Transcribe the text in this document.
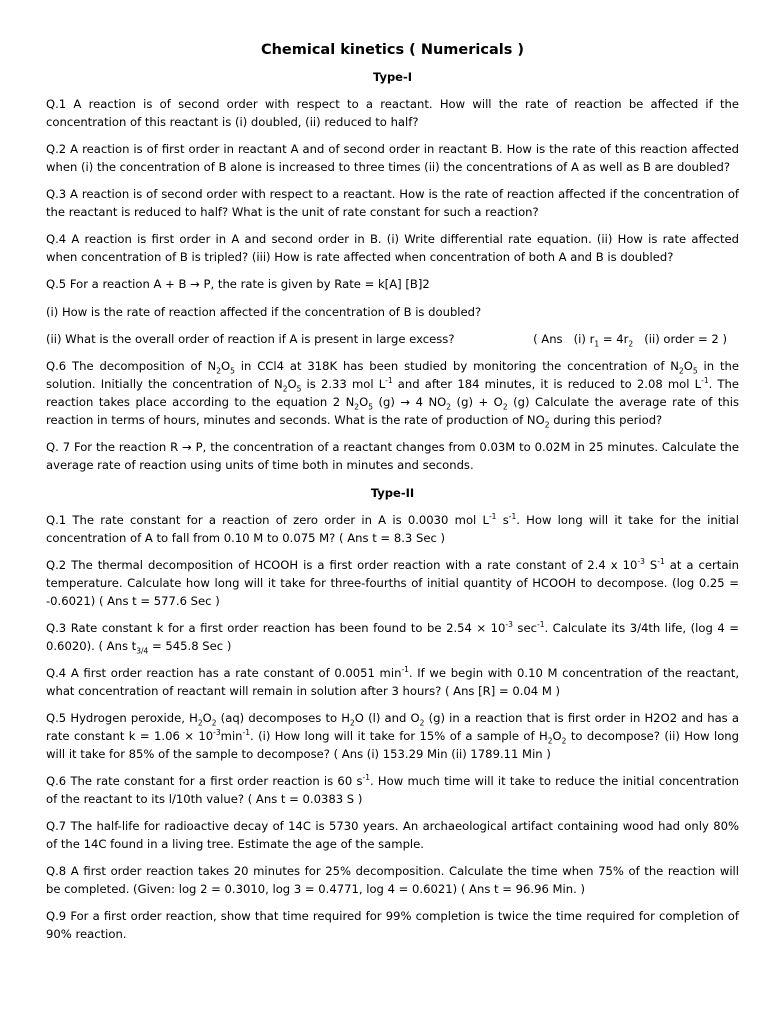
Chemical kinetics ( Numericals )
Type-I

Q.1 A reaction is of second order with respect to a reactant. How will the rate of reaction be affected if the concentration of this reactant is (i) doubled, (ii) reduced to half?

Q.2 A reaction is of first order in reactant A and of second order in reactant B. How is the rate of this reaction affected when (i) the concentration of B alone is increased to three times (ii) the concentrations of A as well as B are doubled?

Q.3 A reaction is of second order with respect to a reactant. How is the rate of reaction affected if the concentration of the reactant is reduced to half? What is the unit of rate constant for such a reaction?

Q.4 A reaction is first order in A and second order in B. (i) Write differential rate equation. (ii) How is rate affected when concentration of B is tripled? (iii) How is rate affected when concentration of both A and B is doubled?

Q.5 For a reaction A + B → P, the rate is given by Rate = k[A] [B]2

(i) How is the rate of reaction affected if the concentration of B is doubled?

(ii) What is the overall order of reaction if A is present in large excess?	( Ans   (i) $r_1 = 4r_2$   (ii) order = 2 )

Q.6 The decomposition of $N_2O_5$ in CCl4 at 318K has been studied by monitoring the concentration of $N_2O_5$ in the solution. Initially the concentration of $N_2O_5$ is 2.33 mol $L^{-1}$ and after 184 minutes, it is reduced to 2.08 mol $L^{-1}$. The reaction takes place according to the equation 2 $N_2O_5$ (g) → 4 $NO_2$ $(g) + O_2$ (g) Calculate the average rate of this reaction in terms of hours, minutes and seconds. What is the rate of production of $NO_2$ during this period?

Q. 7 For the reaction R → P, the concentration of a reactant changes from 0.03M to 0.02M in 25 minutes. Calculate the average rate of reaction using units of time both in minutes and seconds.

Type-II

Q.1 The rate constant for a reaction of zero order in A is 0.0030 mol $L^{-1}$ $s^{-1}$. How long will it take for the initial concentration of A to fall from 0.10 M to 0.075 M? ( Ans t = 8.3 Sec )

Q.2 The thermal decomposition of HCOOH is a first order reaction with a rate constant of 2.4 x $10^{-3}$ $S^{-1}$ at a certain temperature. Calculate how long will it take for three-fourths of initial quantity of HCOOH to decompose. (log 0.25 = -0.6021) ( Ans t = 577.6 Sec )

Q.3 Rate constant k for a first order reaction has been found to be $2.54 \times 10^{-3}$ $\sec^{-1}$. Calculate its 3/4th life, (log 4 = 0.6020). ( Ans $t_{3/4} = 545.8$ Sec )

Q.4 A first order reaction has a rate constant of 0.0051 $\min^{-1}$. If we begin with 0.10 M concentration of the reactant, what concentration of reactant will remain in solution after 3 hours? ( Ans [R] = 0.04 M )

Q.5 Hydrogen peroxide, $H_2O_2$ (aq) decomposes to $H_2O$ (l) and $O_2$ (g) in a reaction that is first order in H2O2 and has a rate constant $k = 1.06 \times 10^{-3}\min^{-1}$. (i) How long will it take for 15% of a sample of $H_2O_2$ to decompose? (ii) How long will it take for 85% of the sample to decompose? ( Ans (i) 153.29 Min (ii) 1789.11 Min )

Q.6 The rate constant for a first order reaction is 60 $s^{-1}$. How much time will it take to reduce the initial concentration of the reactant to its l/10th value? ( Ans t = 0.0383 S )

Q.7 The half-life for radioactive decay of 14C is 5730 years. An archaeological artifact containing wood had only 80% of the 14C found in a living tree. Estimate the age of the sample.

Q.8 A first order reaction takes 20 minutes for 25% decomposition. Calculate the time when 75% of the reaction will be completed. (Given: log 2 = 0.3010, log 3 = 0.4771, log 4 = 0.6021) ( Ans t = 96.96 Min. )

Q.9 For a first order reaction, show that time required for 99% completion is twice the time required for completion of 90% reaction.
